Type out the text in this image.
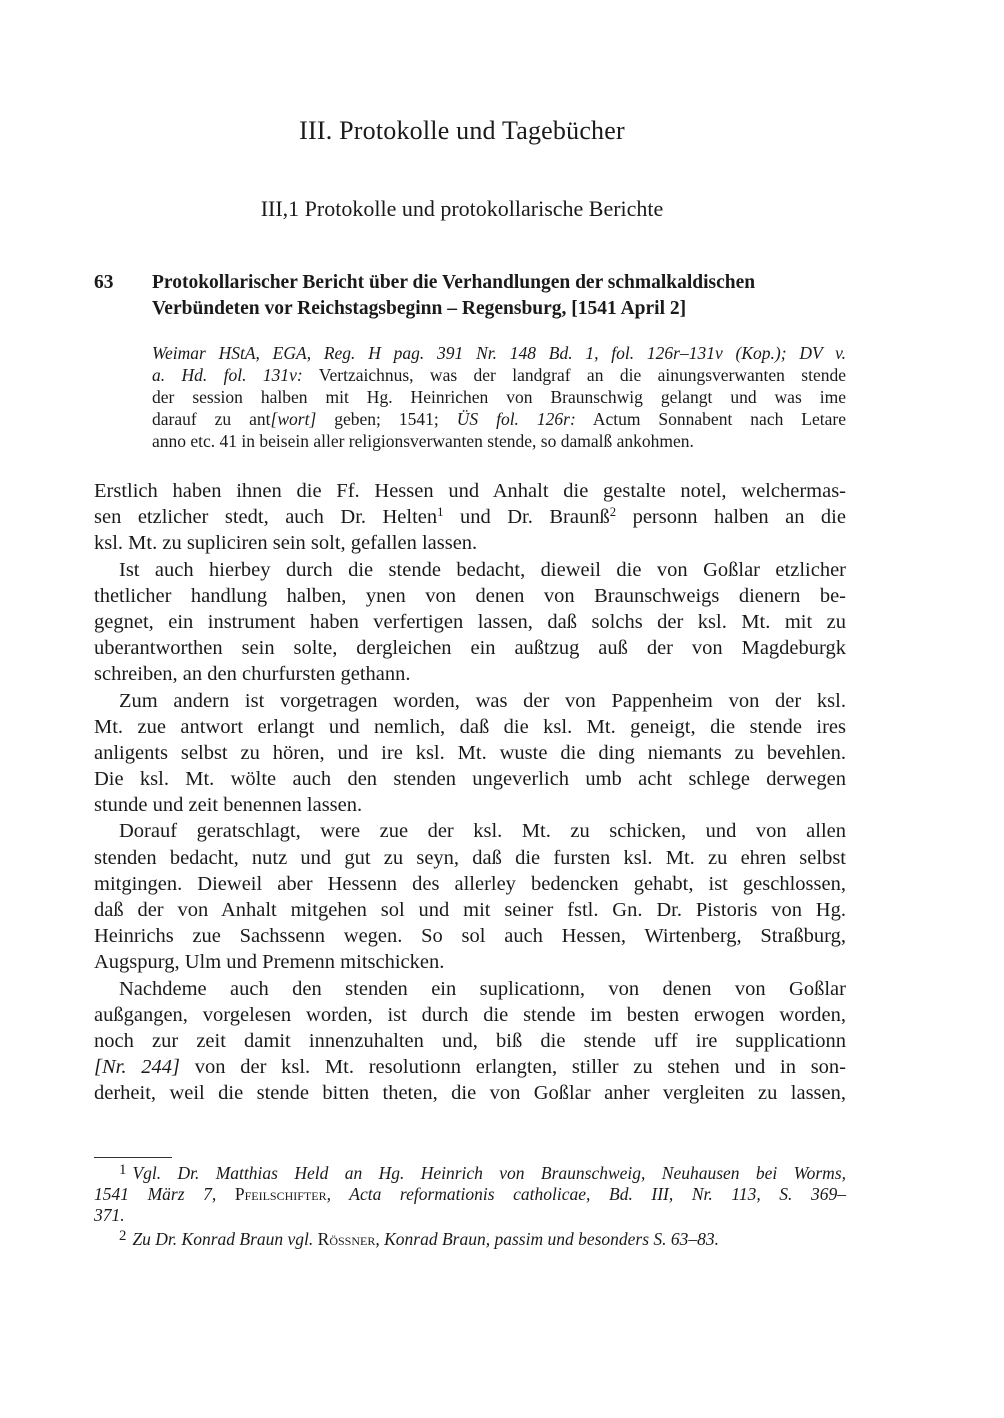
III. Protokolle und Tagebücher
III,1 Protokolle und protokollarische Berichte
63 Protokollarischer Bericht über die Verhandlungen der schmalkaldischen
Verbündeten vor Reichstagsbeginn – Regensburg, [1541 April 2]
Weimar HStA, EGA, Reg. H pag. 391 Nr. 148 Bd. 1, fol. 126r–131v (Kop.); DV v.
a. Hd. fol. 131v: Vertzaichnus, was der landgraf an die ainungsverwanten stende
der session halben mit Hg. Heinrichen von Braunschwig gelangt und was ime
darauf zu ant[wort] geben; 1541; ÜS fol. 126r: Actum Sonnabent nach Letare
anno etc. 41 in beisein aller religionsverwanten stende, so damalß ankohmen.
Erstlich haben ihnen die Ff. Hessen und Anhalt die gestalte notel, welchermas-
sen etzlicher stedt, auch Dr. Helten$^1$ und Dr. Braunß$^2$ personn halben an die
ksl. Mt. zu supliciren sein solt, gefallen lassen.
Ist auch hierbey durch die stende bedacht, dieweil die von Goßlar etzlicher
thetlicher handlung halben, ynen von denen von Braunschweigs dienern be-
gegnet, ein instrument haben verfertigen lassen, daß solchs der ksl. Mt. mit zu
uberantworthen sein solte, dergleichen ein außtzug auß der von Magdeburgk
schreiben, an den churfursten gethann.
Zum andern ist vorgetragen worden, was der von Pappenheim von der ksl.
Mt. zue antwort erlangt und nemlich, daß die ksl. Mt. geneigt, die stende ires
anligents selbst zu hören, und ire ksl. Mt. wuste die ding niemants zu bevehlen.
Die ksl. Mt. wölte auch den stenden ungeverlich umb acht schlege derwegen
stunde und zeit benennen lassen.
Dorauf geratschlagt, were zue der ksl. Mt. zu schicken, und von allen
stenden bedacht, nutz und gut zu seyn, daß die fursten ksl. Mt. zu ehren selbst
mitgingen. Dieweil aber Hessenn des allerley bedencken gehabt, ist geschlossen,
daß der von Anhalt mitgehen sol und mit seiner fstl. Gn. Dr. Pistoris von Hg.
Heinrichs zue Sachssenn wegen. So sol auch Hessen, Wirtenberg, Straßburg,
Augspurg, Ulm und Premenn mitschicken.
Nachdeme auch den stenden ein suplicationn, von denen von Goßlar
außgangen, vorgelesen worden, ist durch die stende im besten erwogen worden,
noch zur zeit damit innenzuhalten und, biß die stende uff ire supplicationn
[Nr. 244] von der ksl. Mt. resolutionn erlangten, stiller zu stehen und in son-
derheit, weil die stende bitten theten, die von Goßlar anher vergleiten zu lassen,
$^1$ Vgl. Dr. Matthias Held an Hg. Heinrich von Braunschweig, Neuhausen bei Worms,
1541 März 7, Pfeilschifter, Acta reformationis catholicae, Bd. III, Nr. 113, S. 369–
371.
$^2$ Zu Dr. Konrad Braun vgl. Rössner, Konrad Braun, passim und besonders S. 63–83.
